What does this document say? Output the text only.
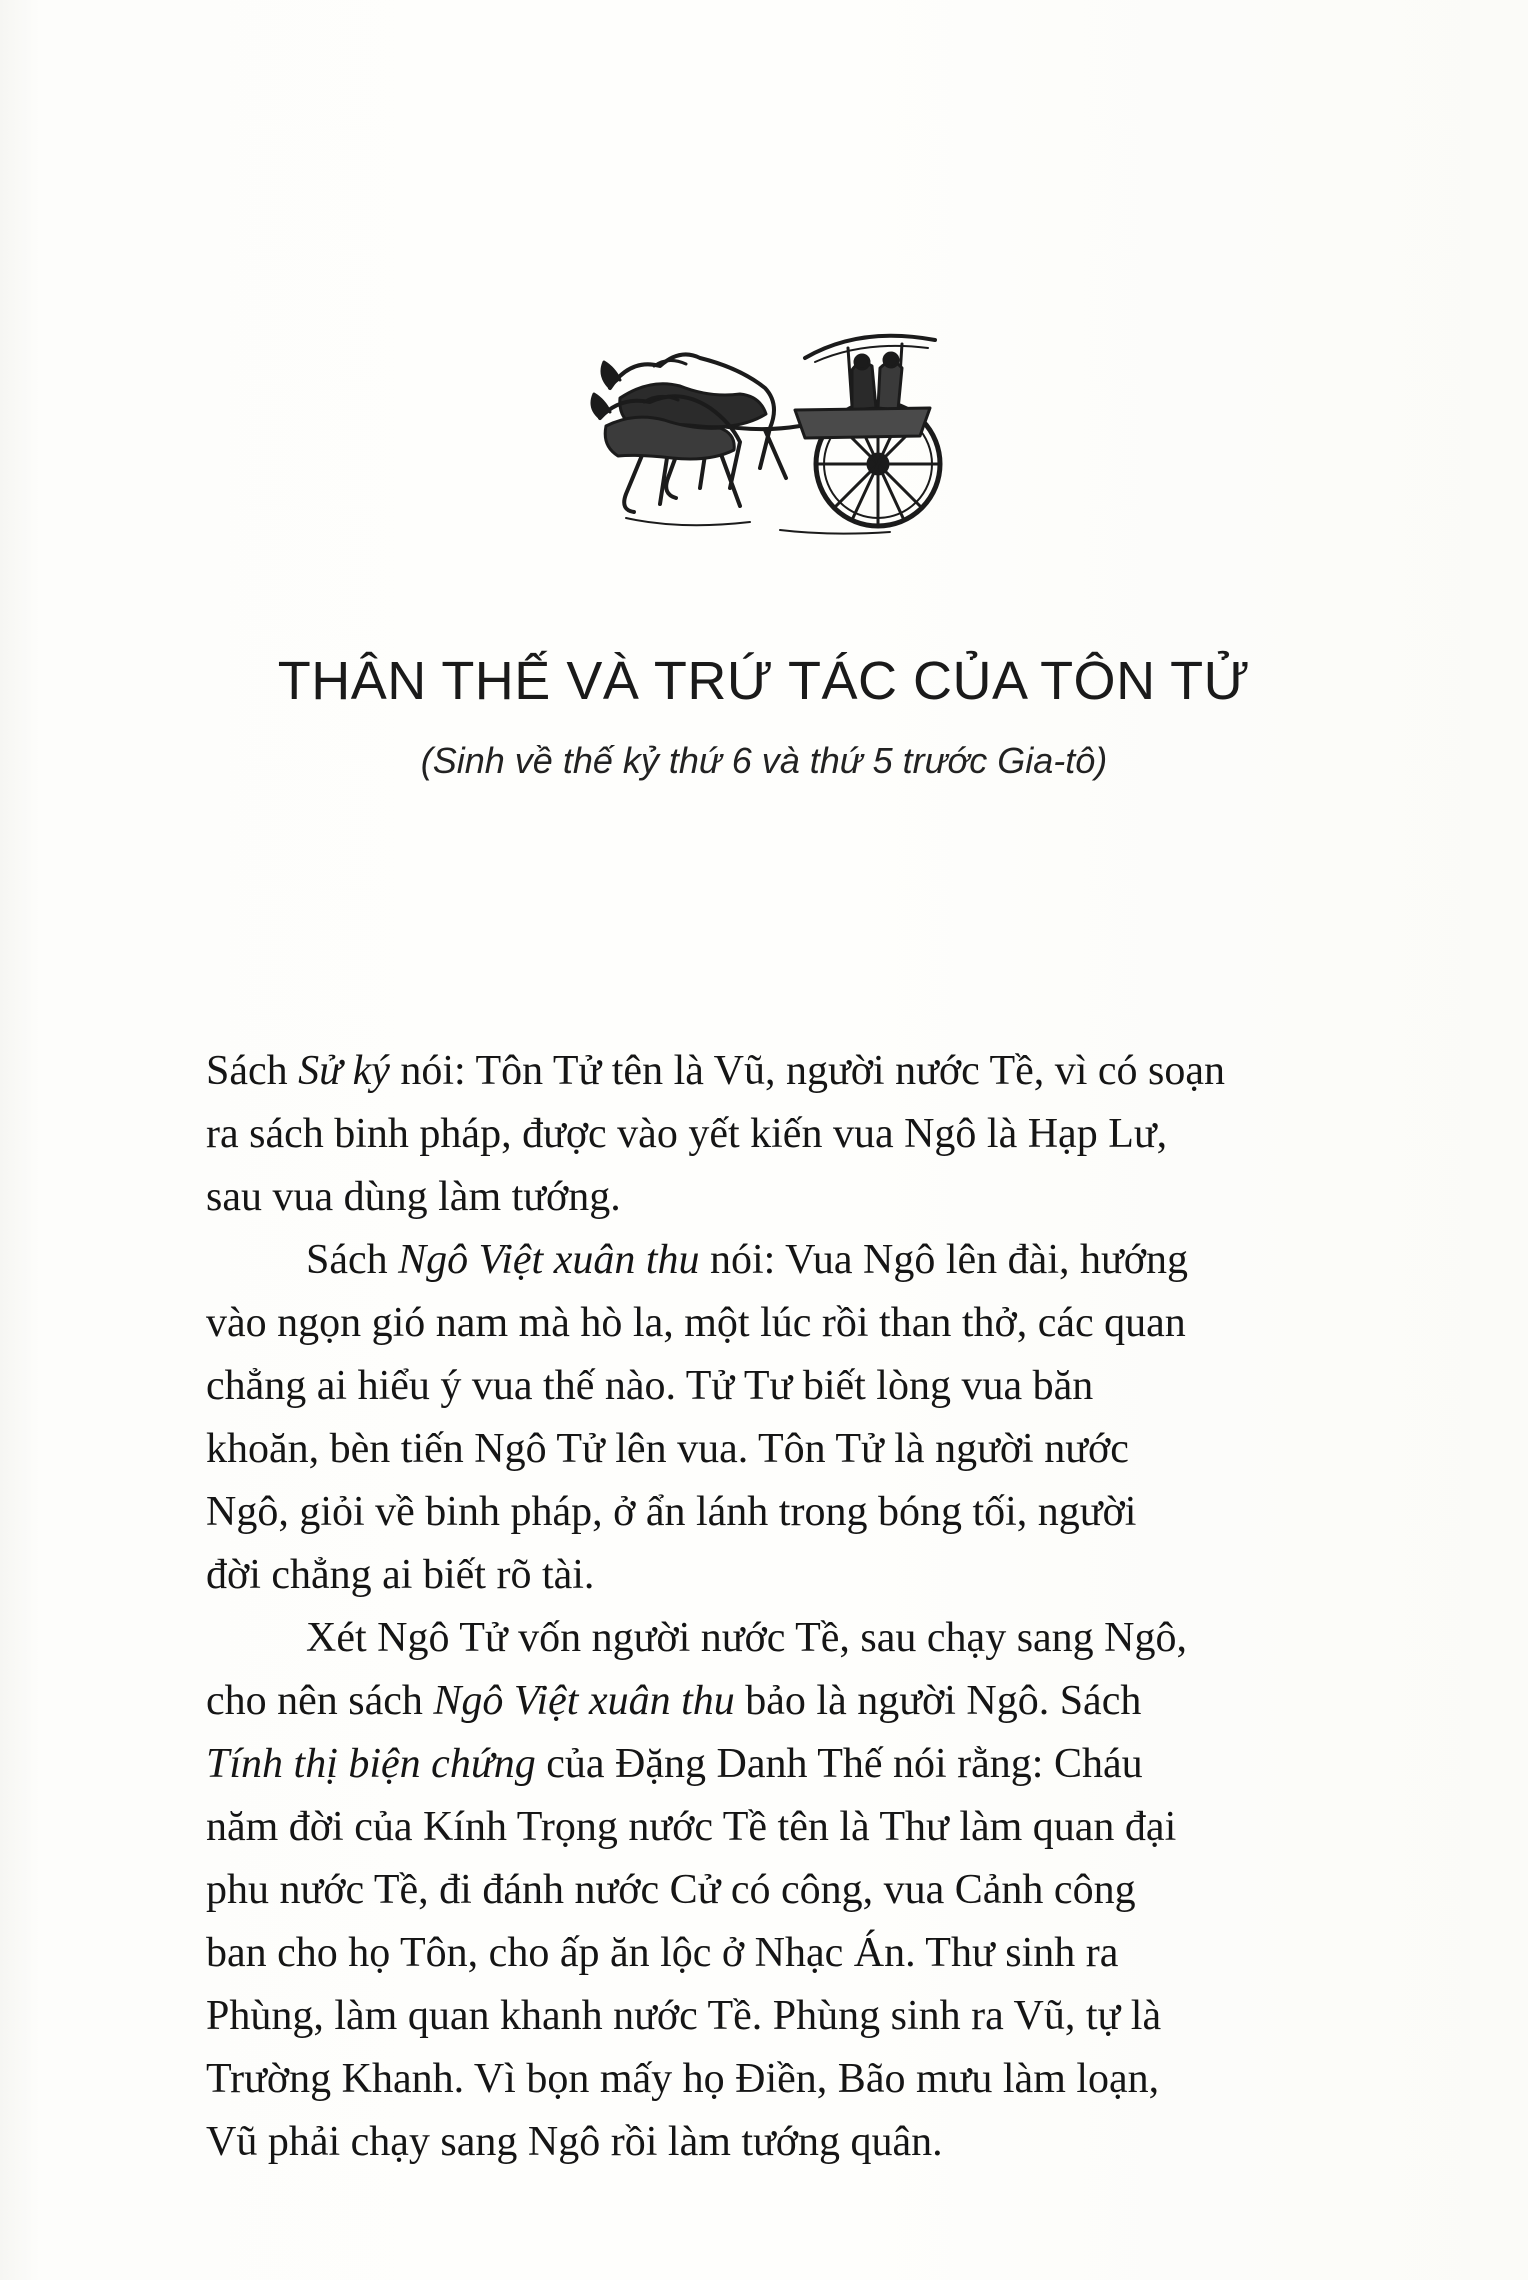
THÂN THẾ VÀ TRỨ TÁC CỦA TÔN TỬ
(Sinh về thế kỷ thứ 6 và thứ 5 trước Gia-tô)
Sách Sử ký nói: Tôn Tử tên là Vũ, người nước Tề, vì có soạn
ra sách binh pháp, được vào yết kiến vua Ngô là Hạp Lư,
sau vua dùng làm tướng.
Sách Ngô Việt xuân thu nói: Vua Ngô lên đài, hướng
vào ngọn gió nam mà hò la, một lúc rồi than thở, các quan
chẳng ai hiểu ý vua thế nào. Tử Tư biết lòng vua băn
khoăn, bèn tiến Ngô Tử lên vua. Tôn Tử là người nước
Ngô, giỏi về binh pháp, ở ẩn lánh trong bóng tối, người
đời chẳng ai biết rõ tài.
Xét Ngô Tử vốn người nước Tề, sau chạy sang Ngô,
cho nên sách Ngô Việt xuân thu bảo là người Ngô. Sách
Tính thị biện chứng của Đặng Danh Thế nói rằng: Cháu
năm đời của Kính Trọng nước Tề tên là Thư làm quan đại
phu nước Tề, đi đánh nước Cử có công, vua Cảnh công
ban cho họ Tôn, cho ấp ăn lộc ở Nhạc Án. Thư sinh ra
Phùng, làm quan khanh nước Tề. Phùng sinh ra Vũ, tự là
Trường Khanh. Vì bọn mấy họ Điền, Bão mưu làm loạn,
Vũ phải chạy sang Ngô rồi làm tướng quân.
